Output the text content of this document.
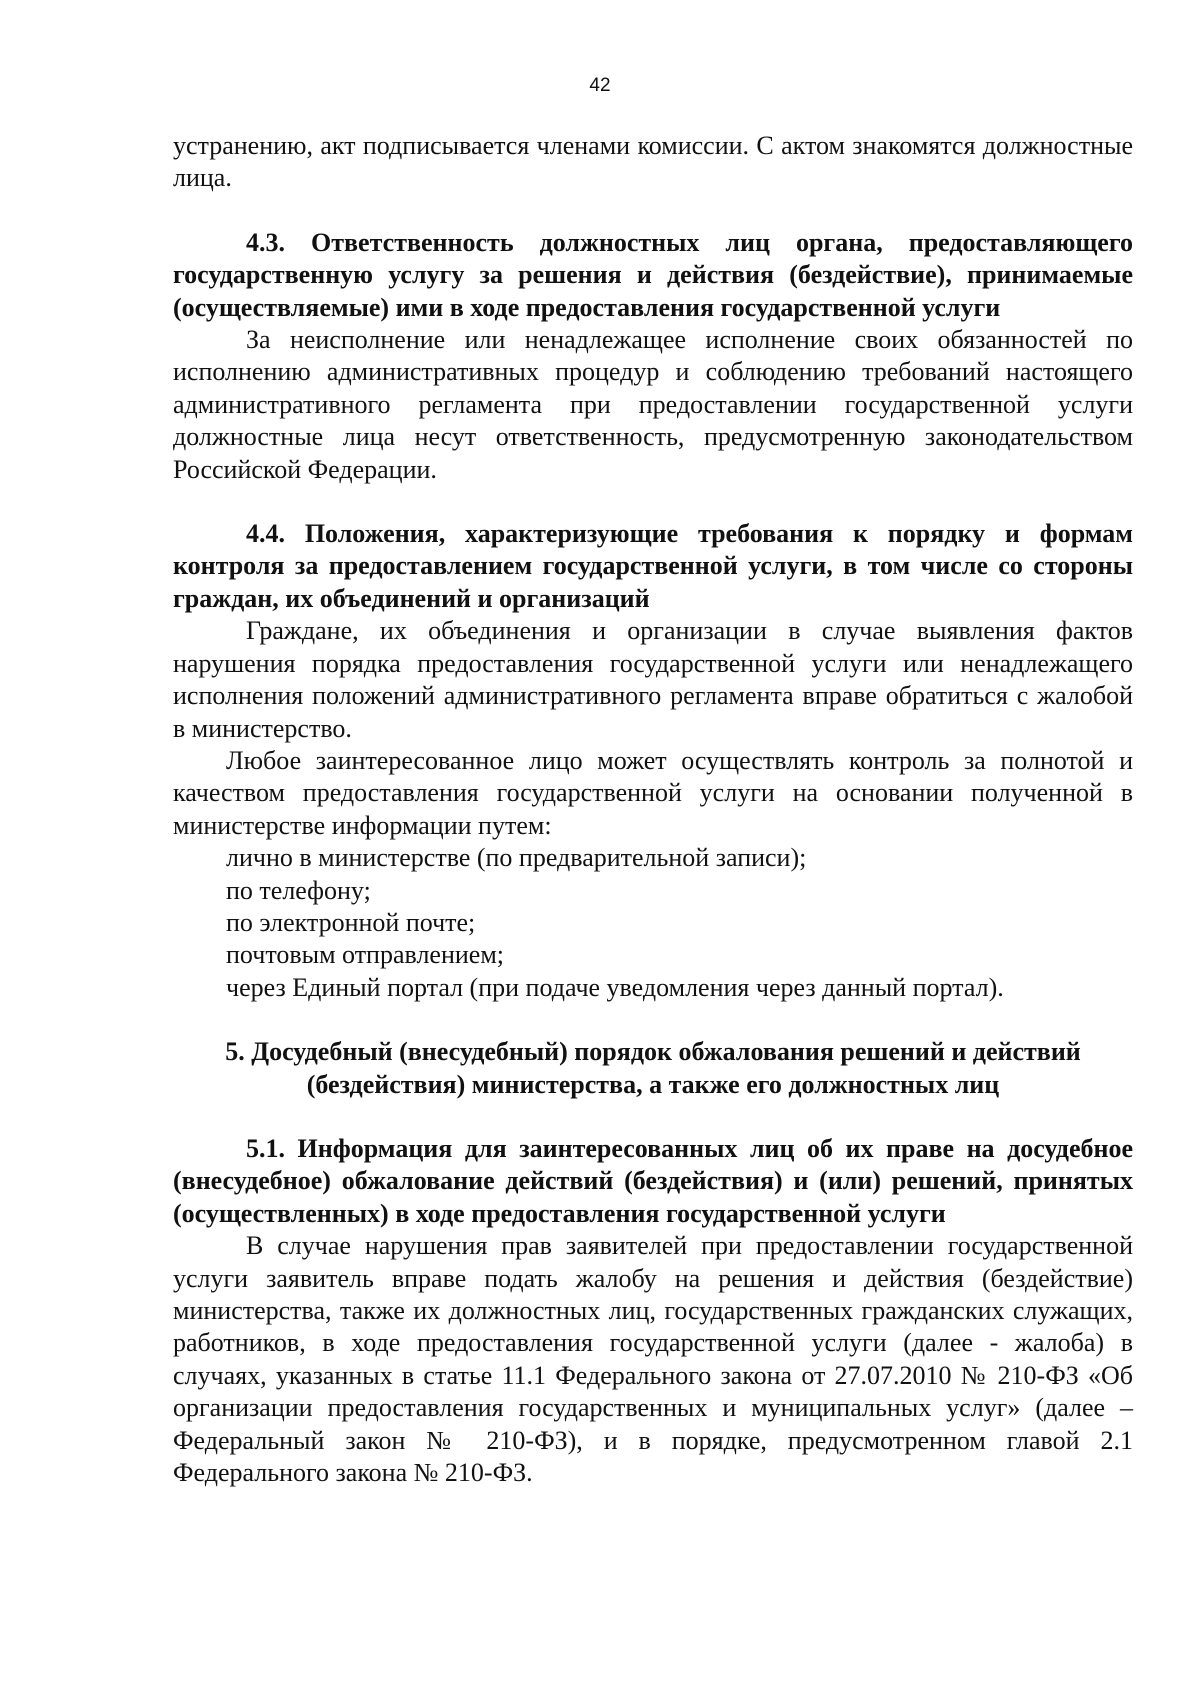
42

устранению, акт подписывается членами комиссии. С актом знакомятся должностные лица.

4.3. Ответственность должностных лиц органа, предоставляющего государственную услугу за решения и действия (бездействие), принимаемые (осуществляемые) ими в ходе предоставления государственной услуги

За неисполнение или ненадлежащее исполнение своих обязанностей по исполнению административных процедур и соблюдению требований настоящего административного регламента при предоставлении государственной услуги должностные лица несут ответственность, предусмотренную законодательством Российской Федерации.

4.4. Положения, характеризующие требования к порядку и формам контроля за предоставлением государственной услуги, в том числе со стороны граждан, их объединений и организаций

Граждане, их объединения и организации в случае выявления фактов нарушения порядка предоставления государственной услуги или ненадлежащего исполнения положений административного регламента вправе обратиться с жалобой в министерство.

Любое заинтересованное лицо может осуществлять контроль за полнотой и качеством предоставления государственной услуги на основании полученной в министерстве информации путем:

лично в министерстве (по предварительной записи);

по телефону;

по электронной почте;

почтовым отправлением;

через Единый портал (при подаче уведомления через данный портал).

5. Досудебный (внесудебный) порядок обжалования решений и действий

(бездействия) министерства, а также его должностных лиц

5.1. Информация для заинтересованных лиц об их праве на досудебное (внесудебное) обжалование действий (бездействия) и (или) решений, принятых (осуществленных) в ходе предоставления государственной услуги

В случае нарушения прав заявителей при предоставлении государственной услуги заявитель вправе подать жалобу на решения и действия (бездействие) министерства, также их должностных лиц, государственных гражданских служащих, работников, в ходе предоставления государственной услуги (далее - жалоба) в случаях, указанных в статье 11.1 Федерального закона от 27.07.2010 № 210-ФЗ «Об организации предоставления государственных и муниципальных услуг» (далее – Федеральный закон № 210-ФЗ), и в порядке, предусмотренном главой 2.1 Федерального закона № 210-ФЗ.
